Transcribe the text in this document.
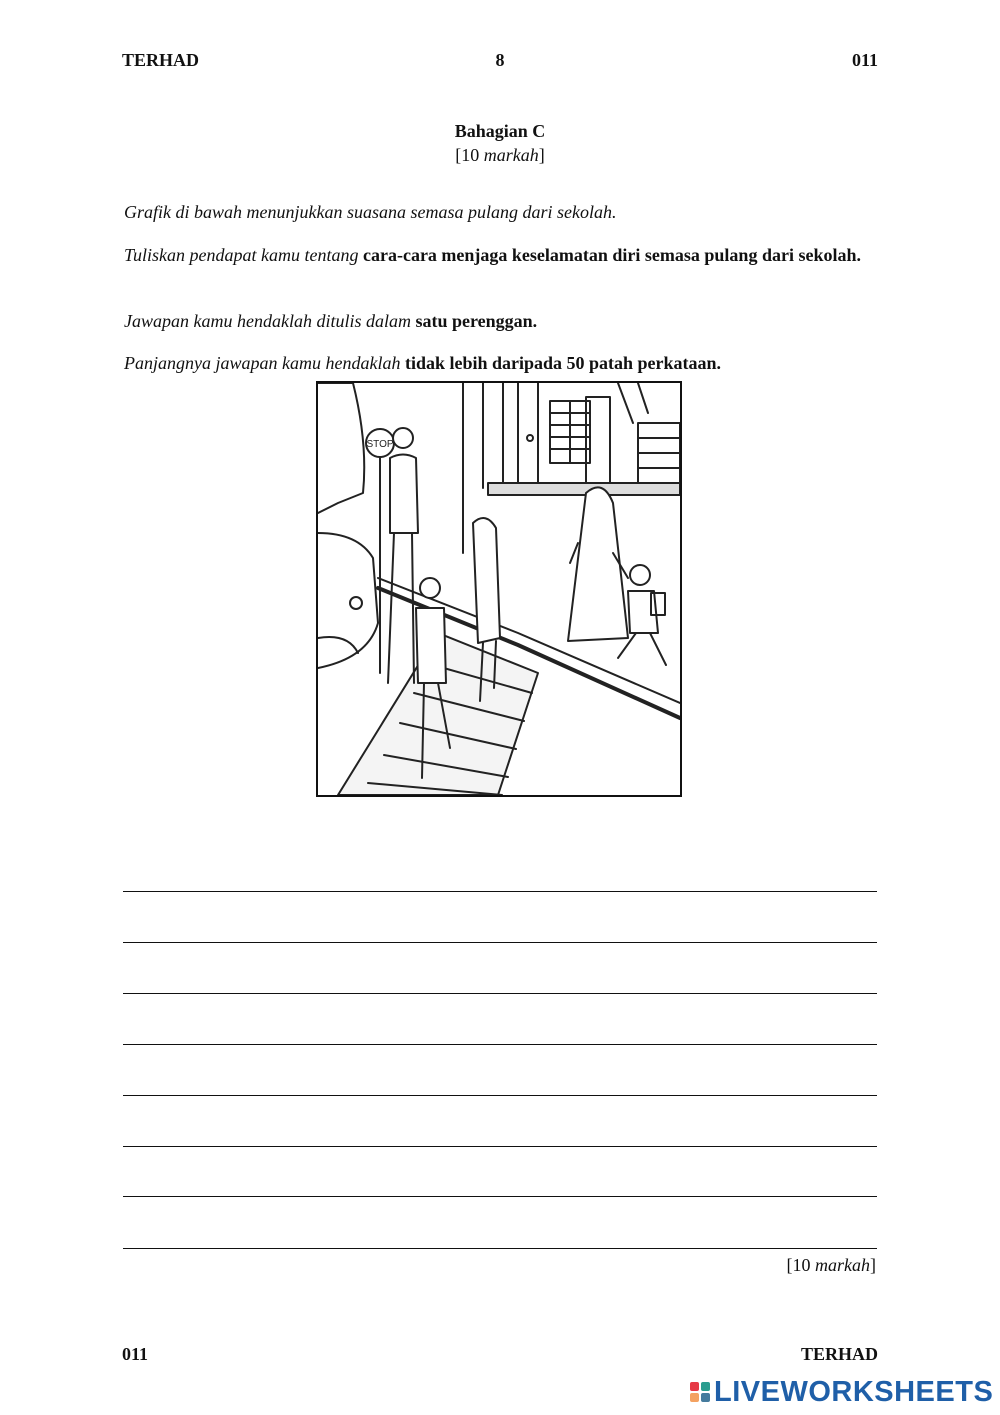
TERHAD	8	011
Bahagian C
[10 markah]
Grafik di bawah menunjukkan suasana semasa pulang dari sekolah.
Tuliskan pendapat kamu tentang cara-cara menjaga keselamatan diri semasa pulang dari sekolah.
Jawapan kamu hendaklah ditulis dalam satu perenggan.
Panjangnya jawapan kamu hendaklah tidak lebih daripada 50 patah perkataan.
STOP
[10 markah]
011	TERHAD
LIVEWORKSHEETS
